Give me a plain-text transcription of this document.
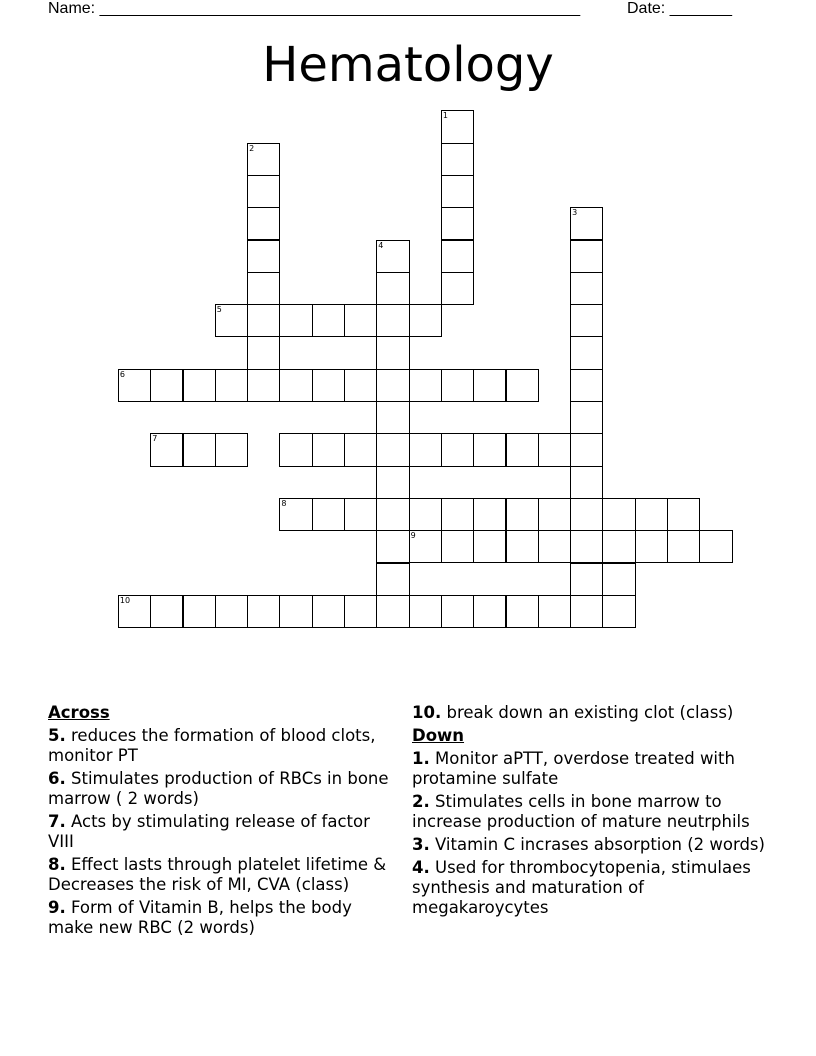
Name: ______________________________________________________	Date: _______
Hematology
1
2
3
4
5
6
7
8
9
10
Across
5. reduces the formation of blood clots, monitor PT
6. Stimulates production of RBCs in bone marrow ( 2 words)
7. Acts by stimulating release of factor VIII
8. Effect lasts through platelet lifetime & Decreases the risk of MI, CVA (class)
9. Form of Vitamin B, helps the body make new RBC (2 words)
10. break down an existing clot (class)
Down
1. Monitor aPTT, overdose treated with protamine sulfate
2. Stimulates cells in bone marrow to increase production of mature neutrphils
3. Vitamin C incrases absorption (2 words)
4. Used for thrombocytopenia, stimulaes synthesis and maturation of megakaroycytes
